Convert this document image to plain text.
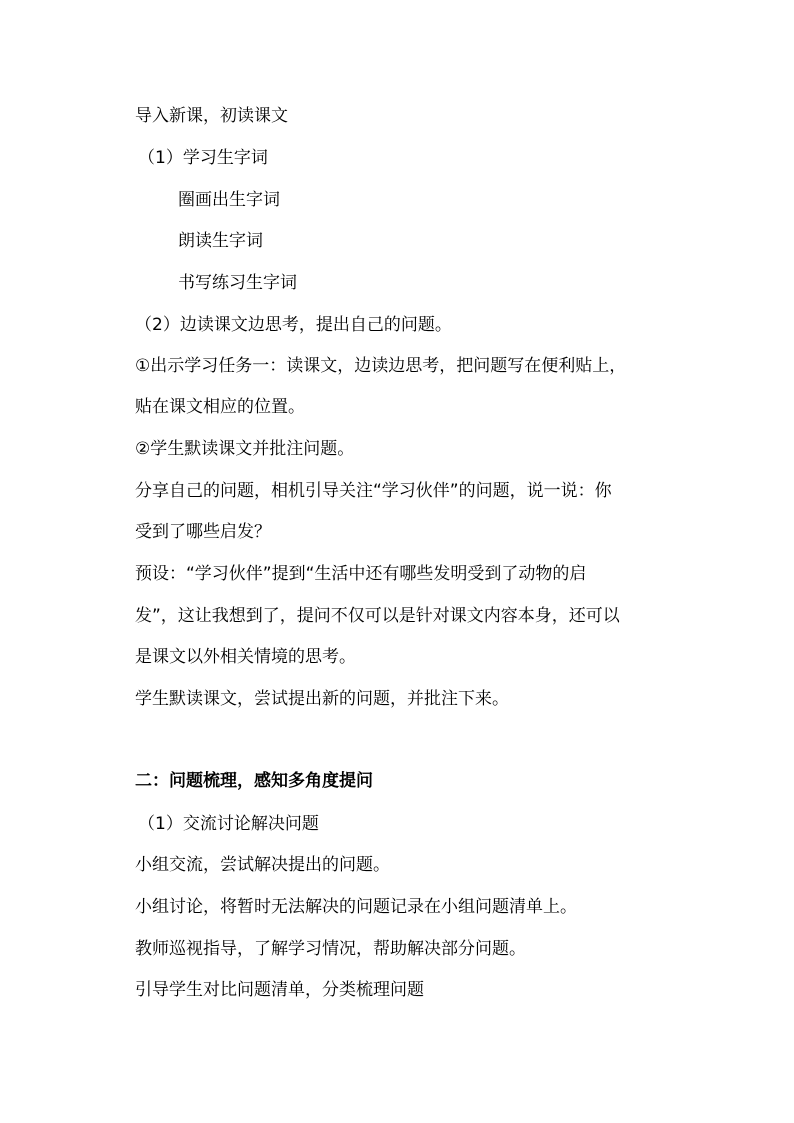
导入新课，初读课文

（1）学习生字词

圈画出生字词

朗读生字词

书写练习生字词

（2）边读课文边思考，提出自己的问题。

①出示学习任务一：读课文，边读边思考，把问题写在便利贴上，

贴在课文相应的位置。

②学生默读课文并批注问题。

分享自己的问题，相机引导关注“学习伙伴”的问题，说一说：你

受到了哪些启发？

预设：“学习伙伴”提到“生活中还有哪些发明受到了动物的启

发”，这让我想到了，提问不仅可以是针对课文内容本身，还可以

是课文以外相关情境的思考。

学生默读课文，尝试提出新的问题，并批注下来。

二：问题梳理，感知多角度提问

（1）交流讨论解决问题

小组交流，尝试解决提出的问题。

小组讨论，将暂时无法解决的问题记录在小组问题清单上。

教师巡视指导，了解学习情况，帮助解决部分问题。

引导学生对比问题清单，分类梳理问题
